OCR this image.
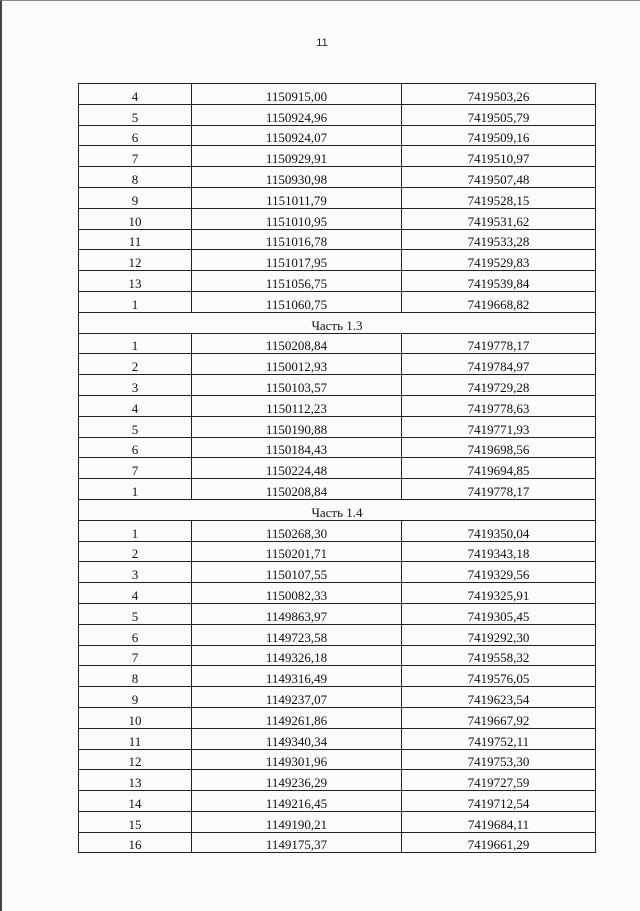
11
4	1150915,00	7419503,26
5	1150924,96	7419505,79
6	1150924,07	7419509,16
7	1150929,91	7419510,97
8	1150930,98	7419507,48
9	1151011,79	7419528,15
10	1151010,95	7419531,62
11	1151016,78	7419533,28
12	1151017,95	7419529,83
13	1151056,75	7419539,84
1	1151060,75	7419668,82
Часть 1.3		
1	1150208,84	7419778,17
2	1150012,93	7419784,97
3	1150103,57	7419729,28
4	1150112,23	7419778,63
5	1150190,88	7419771,93
6	1150184,43	7419698,56
7	1150224,48	7419694,85
1	1150208,84	7419778,17
Часть 1.4		
1	1150268,30	7419350,04
2	1150201,71	7419343,18
3	1150107,55	7419329,56
4	1150082,33	7419325,91
5	1149863,97	7419305,45
6	1149723,58	7419292,30
7	1149326,18	7419558,32
8	1149316,49	7419576,05
9	1149237,07	7419623,54
10	1149261,86	7419667,92
11	1149340,34	7419752,11
12	1149301,96	7419753,30
13	1149236,29	7419727,59
14	1149216,45	7419712,54
15	1149190,21	7419684,11
16	1149175,37	7419661,29
